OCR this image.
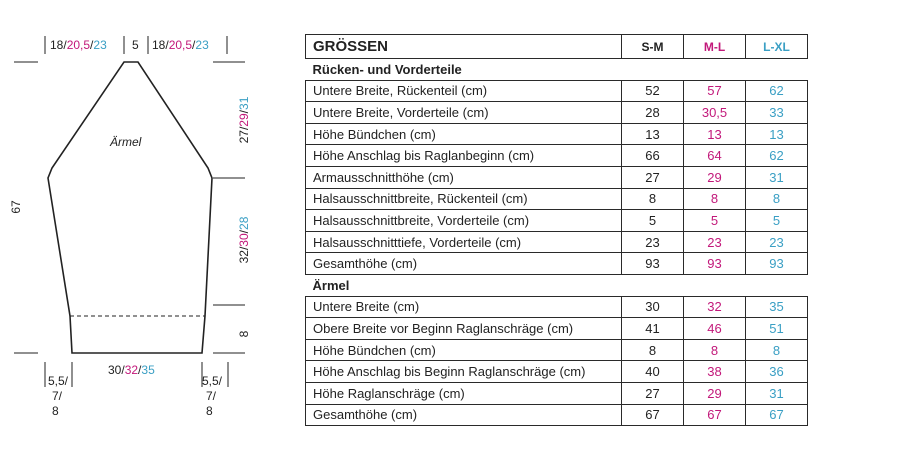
18/20,5/23 5 18/20,5/23
Ärmel
67
27/29/31
32/30/28
8
30/32/35
5,5/
7/
8
5,5/
7/
8
GRÖSSEN	S-M	M-L	L-XL
Rücken- und Vorderteile			
Untere Breite, Rückenteil (cm)	52	57	62
Untere Breite, Vorderteile (cm)	28	30,5	33
Höhe Bündchen (cm)	13	13	13
Höhe Anschlag bis Raglanbeginn (cm)	66	64	62
Armausschnitthöhe (cm)	27	29	31
Halsausschnittbreite, Rückenteil (cm)	8	8	8
Halsausschnittbreite, Vorderteile (cm)	5	5	5
Halsausschnitttiefe, Vorderteile (cm)	23	23	23
Gesamthöhe (cm)	93	93	93
Ärmel			
Untere Breite (cm)	30	32	35
Obere Breite vor Beginn Raglanschräge (cm)	41	46	51
Höhe Bündchen (cm)	8	8	8
Höhe Anschlag bis Beginn Raglanschräge (cm)	40	38	36
Höhe Raglanschräge (cm)	27	29	31
Gesamthöhe (cm)	67	67	67
